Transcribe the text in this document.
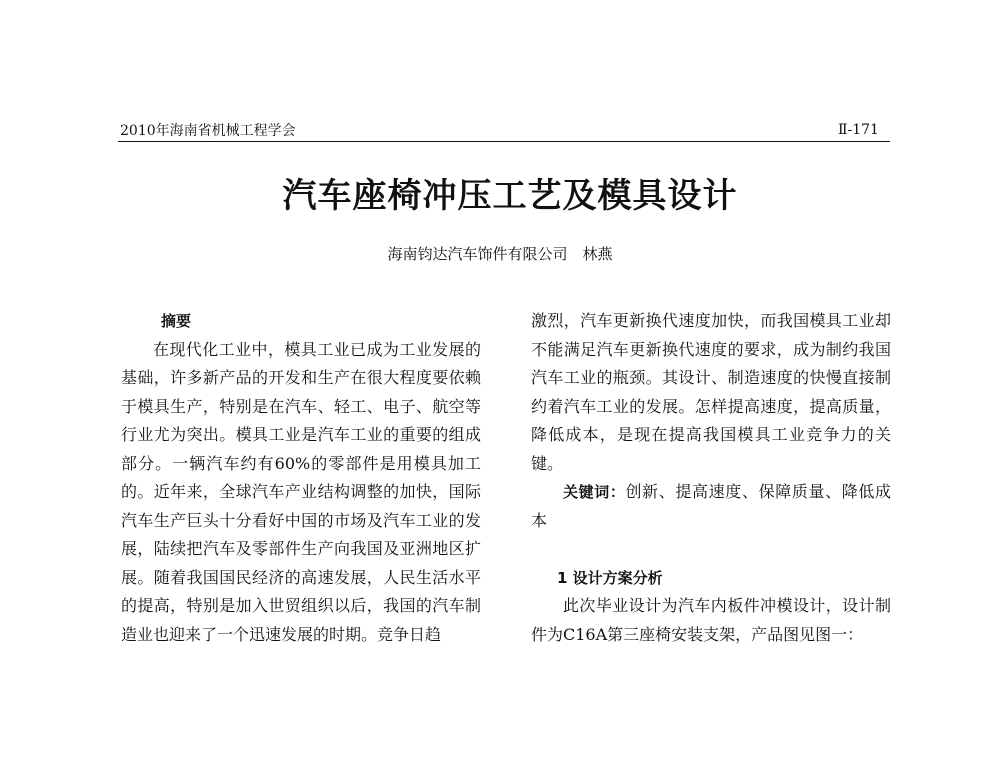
2010年海南省机械工程学会	Ⅱ-171
汽车座椅冲压工艺及模具设计
海南钧达汽车饰件有限公司　林燕
摘要

在现代化工业中，模具工业已成为工业发展的基础，许多新产品的开发和生产在很大程度要依赖于模具生产，特别是在汽车、轻工、电子、航空等行业尤为突出。模具工业是汽车工业的重要的组成部分。一辆汽车约有60%的零部件是用模具加工的。近年来，全球汽车产业结构调整的加快，国际汽车生产巨头十分看好中国的市场及汽车工业的发展，陆续把汽车及零部件生产向我国及亚洲地区扩展。随着我国国民经济的高速发展，人民生活水平的提高，特别是加入世贸组织以后，我国的汽车制造业也迎来了一个迅速发展的时期。竞争日趋

激烈，汽车更新换代速度加快，而我国模具工业却不能满足汽车更新换代速度的要求，成为制约我国汽车工业的瓶颈。其设计、制造速度的快慢直接制约着汽车工业的发展。怎样提高速度，提高质量，降低成本，是现在提高我国模具工业竞争力的关键。

关键词：创新、提高速度、保障质量、降低成本

1 设计方案分析

此次毕业设计为汽车内板件冲模设计，设计制件为C16A第三座椅安装支架，产品图见图一：
